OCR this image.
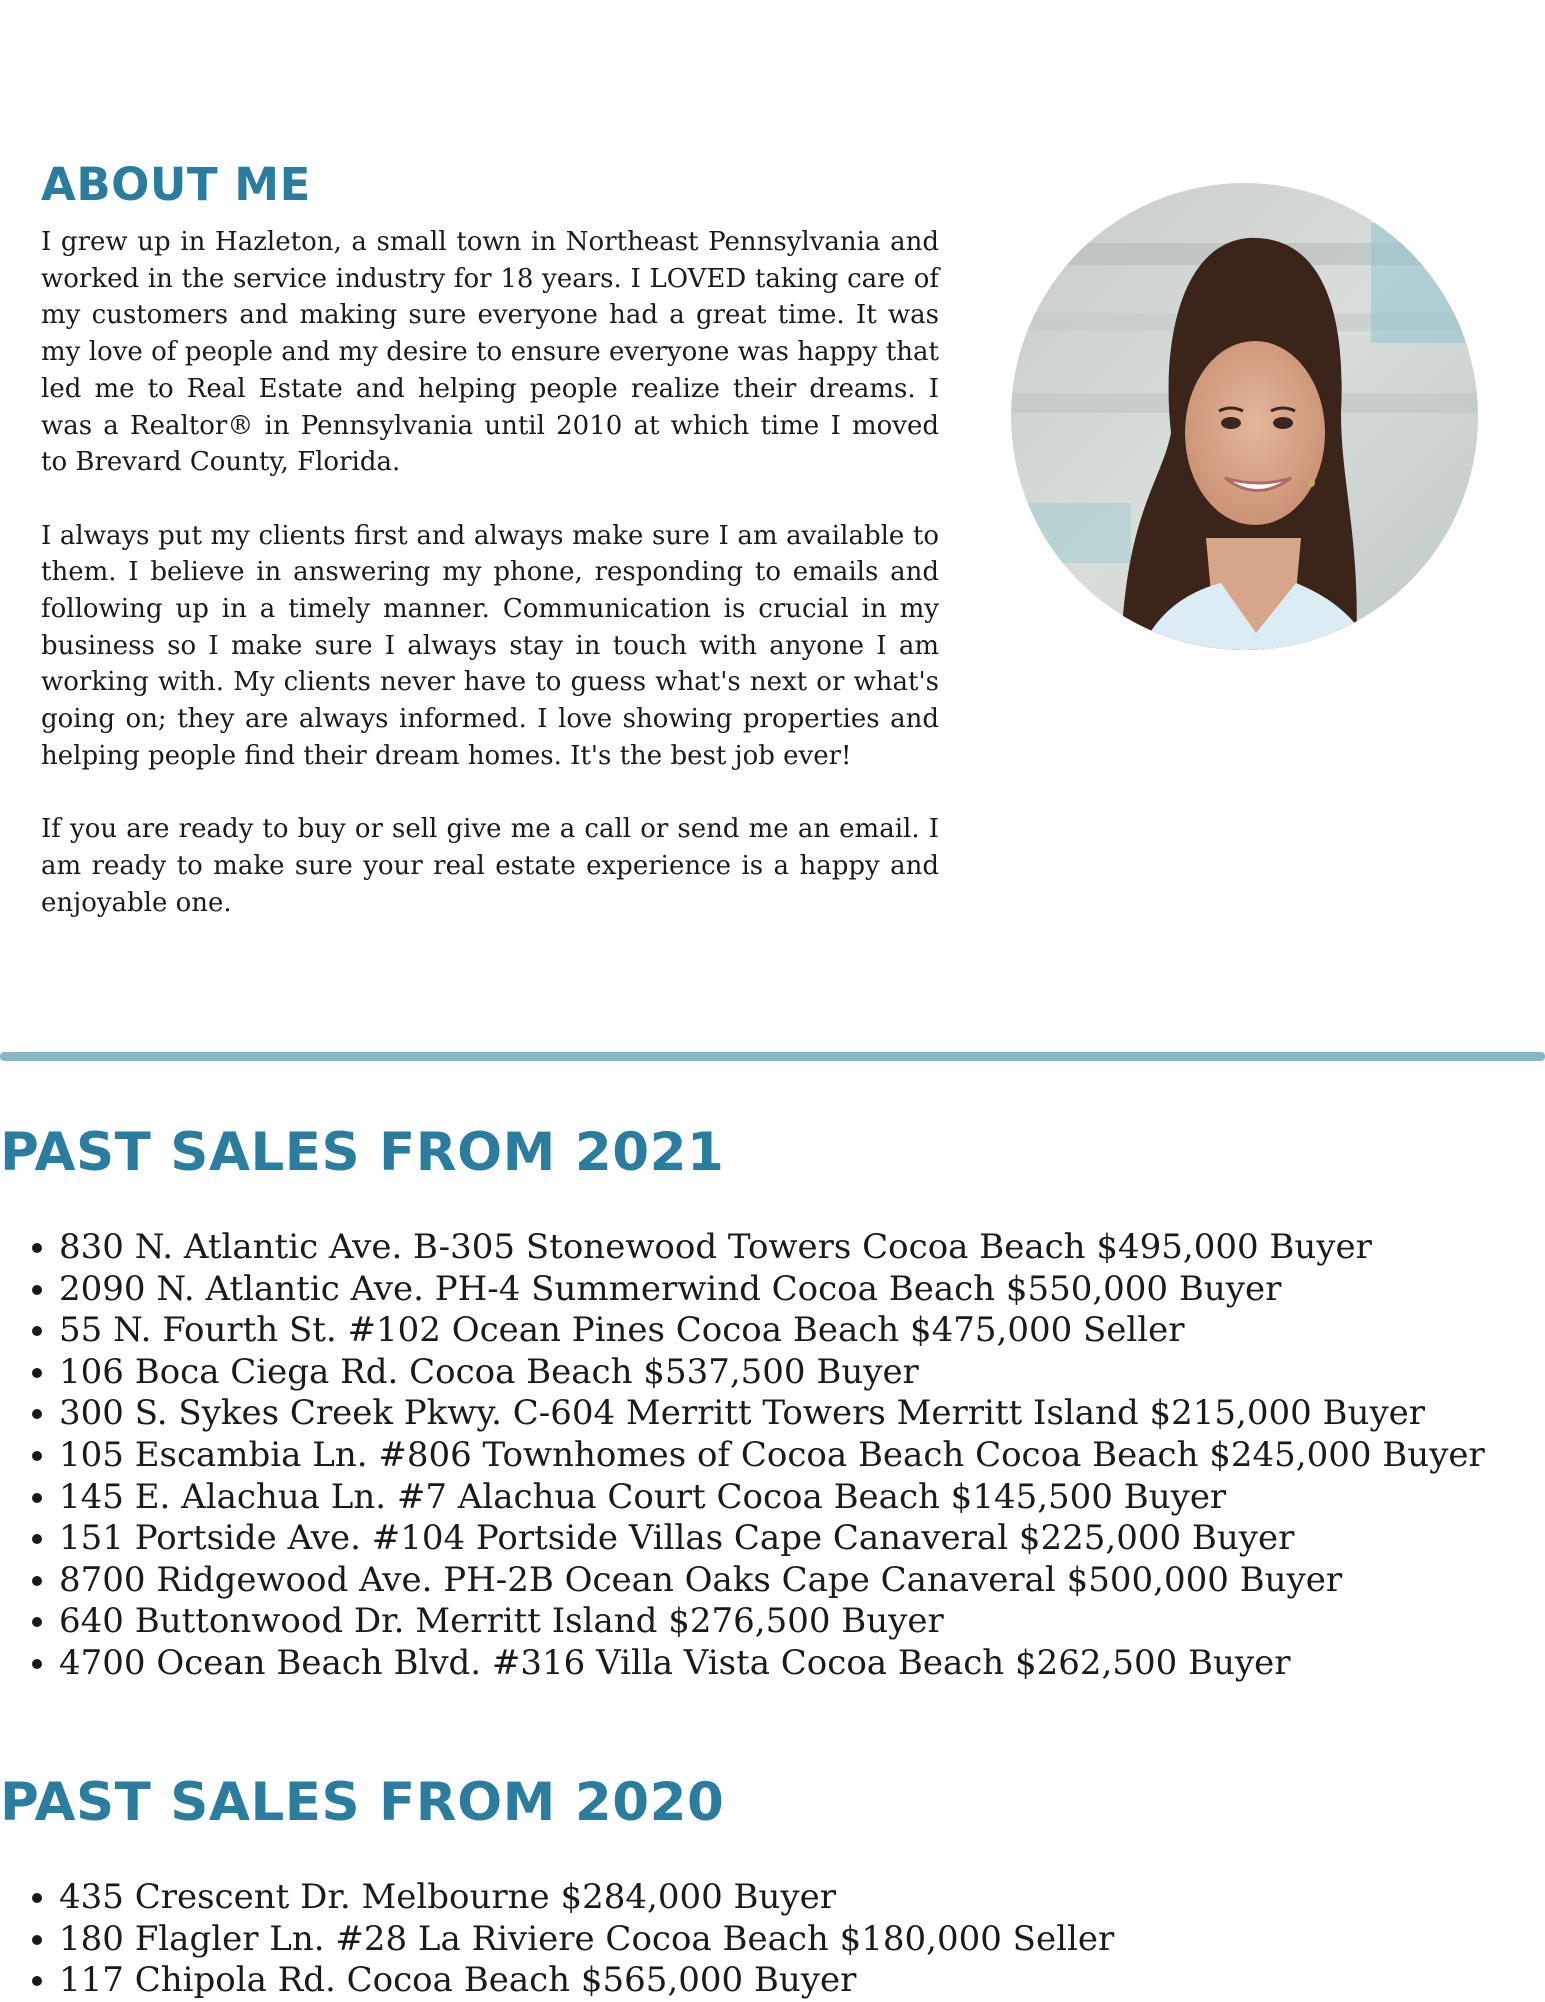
ABOUT ME

I grew up in Hazleton, a small town in Northeast Pennsylvania and worked in the service industry for 18 years. I LOVED taking care of my customers and making sure everyone had a great time. It was my love of people and my desire to ensure everyone was happy that led me to Real Estate and helping people realize their dreams. I was a Realtor® in Pennsylvania until 2010 at which time I moved to Brevard County, Florida.

I always put my clients first and always make sure I am available to them. I believe in answering my phone, responding to emails and following up in a timely manner. Communication is crucial in my business so I make sure I always stay in touch with anyone I am working with. My clients never have to guess what's next or what's going on; they are always informed. I love showing properties and helping people find their dream homes. It's the best job ever!

If you are ready to buy or sell give me a call or send me an email. I am ready to make sure your real estate experience is a happy and enjoyable one.

PAST SALES FROM 2021
• 830 N. Atlantic Ave. B-305 Stonewood Towers Cocoa Beach $495,000 Buyer
• 2090 N. Atlantic Ave. PH-4 Summerwind Cocoa Beach $550,000 Buyer
• 55 N. Fourth St. #102 Ocean Pines Cocoa Beach $475,000 Seller
• 106 Boca Ciega Rd. Cocoa Beach $537,500 Buyer
• 300 S. Sykes Creek Pkwy. C-604 Merritt Towers Merritt Island $215,000 Buyer
• 105 Escambia Ln. #806 Townhomes of Cocoa Beach Cocoa Beach $245,000 Buyer
• 145 E. Alachua Ln. #7 Alachua Court Cocoa Beach $145,500 Buyer
• 151 Portside Ave. #104 Portside Villas Cape Canaveral $225,000 Buyer
• 8700 Ridgewood Ave. PH-2B Ocean Oaks Cape Canaveral $500,000 Buyer
• 640 Buttonwood Dr. Merritt Island $276,500 Buyer
• 4700 Ocean Beach Blvd. #316 Villa Vista Cocoa Beach $262,500 Buyer
PAST SALES FROM 2020
• 435 Crescent Dr. Melbourne $284,000 Buyer
• 180 Flagler Ln. #28 La Riviere Cocoa Beach $180,000 Seller
• 117 Chipola Rd. Cocoa Beach $565,000 Buyer
